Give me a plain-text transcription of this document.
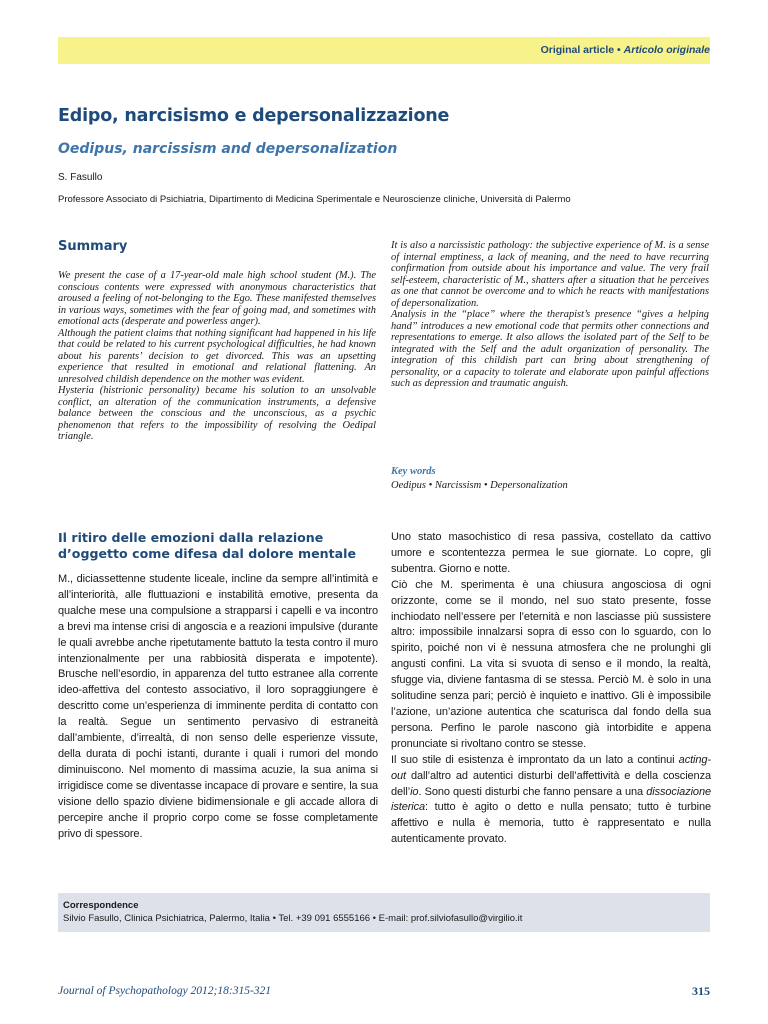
Original article • Articolo originale
Edipo, narcisismo e depersonalizzazione
Oedipus, narcissism and depersonalization
S. Fasullo
Professore Associato di Psichiatria, Dipartimento di Medicina Sperimentale e Neuroscienze cliniche, Università di Palermo
Summary

We present the case of a 17-year-old male high school student (M.). The conscious contents were expressed with anonymous characteristics that aroused a feeling of not-belonging to the Ego. These manifested themselves in various ways, sometimes with the fear of going mad, and sometimes with emotional acts (desperate and powerless anger).

Although the patient claims that nothing significant had happened in his life that could be related to his current psychological difficulties, he had known about his parents’ decision to get divorced. This was an upsetting experience that resulted in emotional and relational flattening. An unresolved childish dependence on the mother was evident.

Hysteria (histrionic personality) became his solution to an unsolvable conflict, an alteration of the communication instruments, a defensive balance between the conscious and the unconscious, as a psychic phenomenon that refers to the impossibility of resolving the Oedipal triangle.

It is also a narcissistic pathology: the subjective experience of M. is a sense of internal emptiness, a lack of meaning, and the need to have recurring confirmation from outside about his importance and value. The very frail self-esteem, characteristic of M., shatters after a situation that he perceives as one that cannot be overcome and to which he reacts with manifestations of depersonalization.

Analysis in the “place” where the therapist’s presence “gives a helping hand” introduces a new emotional code that permits other connections and representations to emerge. It also allows the isolated part of the Self to be integrated with the Self and the adult organization of personality. The integration of this childish part can bring about strengthening of personality, or a capacity to tolerate and elaborate upon painful affections such as depression and traumatic anguish.

Key words
Oedipus • Narcissism • Depersonalization
Il ritiro delle emozioni dalla relazione d’oggetto come difesa dal dolore mentale

M., diciassettenne studente liceale, incline da sempre all’intimità e all’interiorità, alle fluttuazioni e instabilità emotive, presenta da qualche mese una compulsione a strapparsi i capelli e va incontro a brevi ma intense crisi di angoscia e a reazioni impulsive (durante le quali avrebbe anche ripetutamente battuto la testa contro il muro intenzionalmente per una rabbiosità disperata e impotente). Brusche nell’esordio, in apparenza del tutto estranee alla corrente ideo-affettiva del contesto associativo, il loro sopraggiungere è descritto come un’esperienza di imminente perdita di contatto con la realtà. Segue un sentimento pervasivo di estraneità dall’ambiente, d’irrealtà, di non senso delle esperienze vissute, della durata di pochi istanti, durante i quali i rumori del mondo diminuiscono. Nel momento di massima acuzie, la sua anima si irrigidisce come se diventasse incapace di provare e sentire, la sua visione dello spazio diviene bidimensionale e gli accade allora di percepire anche il proprio corpo come se fosse completamente privo di spessore.

Uno stato masochistico di resa passiva, costellato da cattivo umore e scontentezza permea le sue giornate. Lo copre, gli subentra. Giorno e notte.

Ciò che M. sperimenta è una chiusura angosciosa di ogni orizzonte, come se il mondo, nel suo stato presente, fosse inchiodato nell’essere per l’eternità e non lasciasse più sussistere altro: impossibile innalzarsi sopra di esso con lo sguardo, con lo spirito, poiché non vi è nessuna atmosfera che ne prolunghi gli angusti confini. La vita si svuota di senso e il mondo, la realtà, sfugge via, diviene fantasma di se stessa. Perciò M. è solo in una solitudine senza pari; perciò è inquieto e inattivo. Gli è impossibile l’azione, un’azione autentica che scaturisca dal fondo della sua persona. Perfino le parole nascono già intorbidite e appena pronunciate si rivoltano contro se stesse.

Il suo stile di esistenza è improntato da un lato a continui acting-out dall’altro ad autentici disturbi dell’affettività e della coscienza dell’io. Sono questi disturbi che fanno pensare a una dissociazione isterica: tutto è agito o detto e nulla pensato; tutto è turbine affettivo e nulla è memoria, tutto è rappresentato e nulla autenticamente provato.

Correspondence
Silvio Fasullo, Clinica Psichiatrica, Palermo, Italia • Tel. +39 091 6555166 • E-mail: prof.silviofasullo@virgilio.it
Journal of Psychopathology 2012;18:315-321	315
